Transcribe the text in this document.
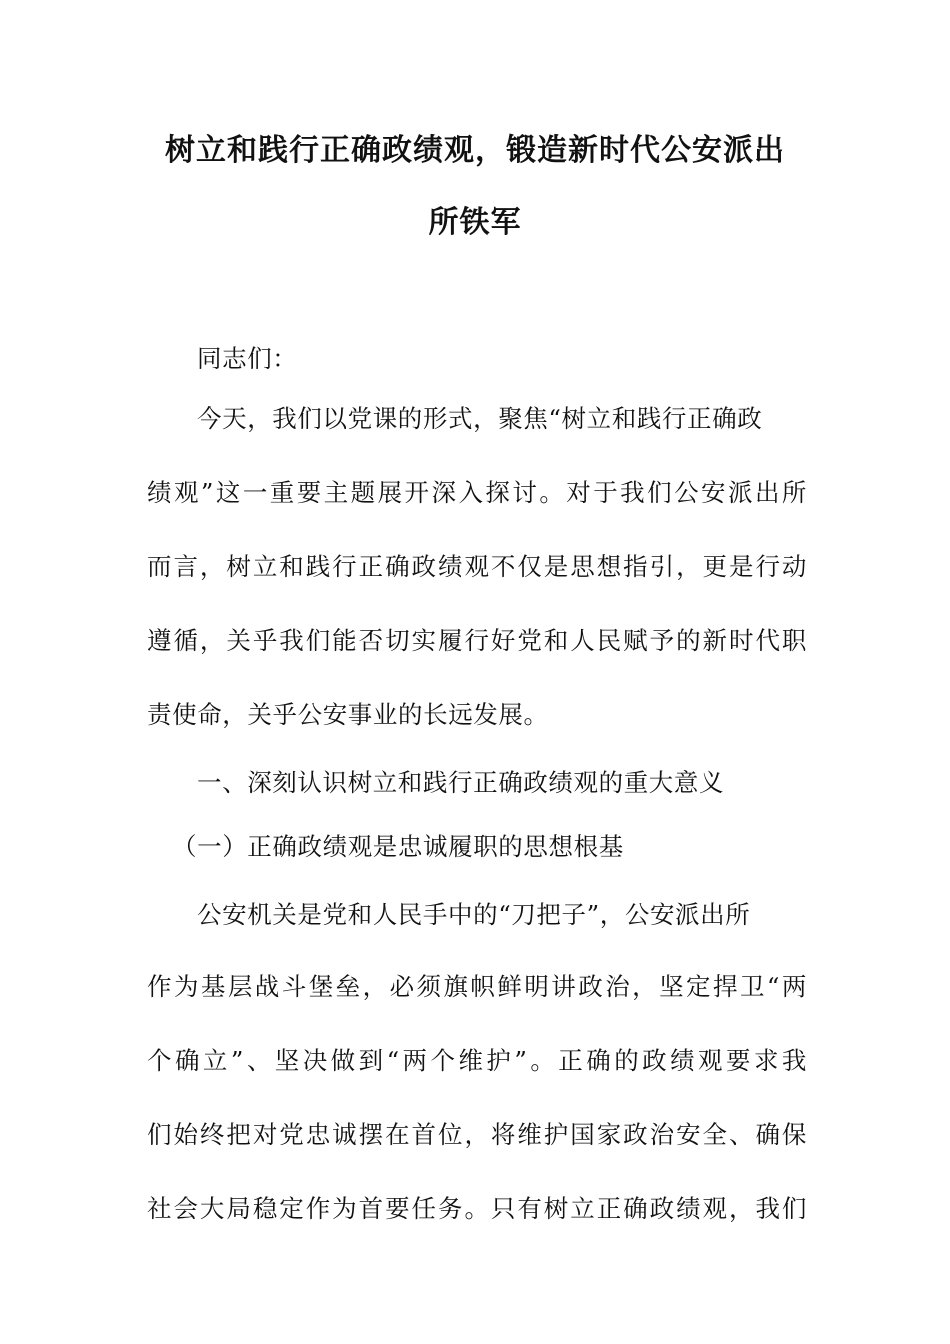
树立和践行正确政绩观，锻造新时代公安派出
所铁军
同志们：
今天，我们以党课的形式，聚焦“树立和践行正确政
绩观”这一重要主题展开深入探讨。对于我们公安派出所
而言，树立和践行正确政绩观不仅是思想指引，更是行动
遵循，关乎我们能否切实履行好党和人民赋予的新时代职
责使命，关乎公安事业的长远发展。
一、深刻认识树立和践行正确政绩观的重大意义
（一）正确政绩观是忠诚履职的思想根基
公安机关是党和人民手中的“刀把子”，公安派出所
作为基层战斗堡垒，必须旗帜鲜明讲政治，坚定捍卫“两
个确立”、坚决做到“两个维护”。正确的政绩观要求我
们始终把对党忠诚摆在首位，将维护国家政治安全、确保
社会大局稳定作为首要任务。只有树立正确政绩观，我们
